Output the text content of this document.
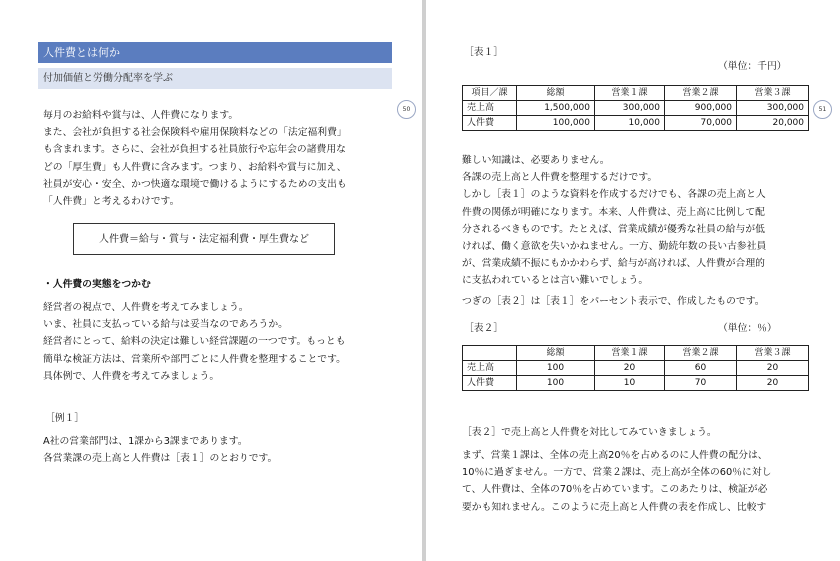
人件費とは何か
付加価値と労働分配率を学ぶ
50
毎月のお給料や賞与は、人件費になります。
また、会社が負担する社会保険料や雇用保険料などの「法定福利費」
も含まれます。さらに、会社が負担する社員旅行や忘年会の諸費用な
どの「厚生費」も人件費に含みます。つまり、お給料や賞与に加え、
社員が安心・安全、かつ快適な環境で働けるようにするための支出も
「人件費」と考えるわけです。
人件費＝給与・賞与・法定福利費・厚生費など
・人件費の実態をつかむ
経営者の視点で、人件費を考えてみましょう。
いま、社員に支払っている給与は妥当なのであろうか。
経営者にとって、給料の決定は難しい経営課題の一つです。もっとも
簡単な検証方法は、営業所や部門ごとに人件費を整理することです。
具体例で、人件費を考えてみましょう。
［例１］
A社の営業部門は、1課から3課まであります。
各営業課の売上高と人件費は［表１］のとおりです。
51
［表１］
（単位：千円）
項目／課	総額	営業１課	営業２課	営業３課
売上高	1,500,000	300,000	900,000	300,000
人件費	100,000	10,000	70,000	20,000
難しい知識は、必要ありません。
各課の売上高と人件費を整理するだけです。
しかし［表１］のような資料を作成するだけでも、各課の売上高と人
件費の関係が明確になります。本来、人件費は、売上高に比例して配
分されるべきものです。たとえば、営業成績が優秀な社員の給与が低
ければ、働く意欲を失いかねません。一方、勤続年数の長い古参社員
が、営業成績不振にもかかわらず、給与が高ければ、人件費が合理的
に支払われているとは言い難いでしょう。
つぎの［表２］は［表１］をパーセント表示で、作成したものです。
［表２］	（単位：％）
	総額	営業１課	営業２課	営業３課
売上高	100	20	60	20
人件費	100	10	70	20
［表２］で売上高と人件費を対比してみていきましょう。
まず、営業１課は、全体の売上高20％を占めるのに人件費の配分は、
10％に過ぎません。一方で、営業２課は、売上高が全体の60％に対し
て、人件費は、全体の70％を占めています。このあたりは、検証が必
要かも知れません。このように売上高と人件費の表を作成し、比較す
